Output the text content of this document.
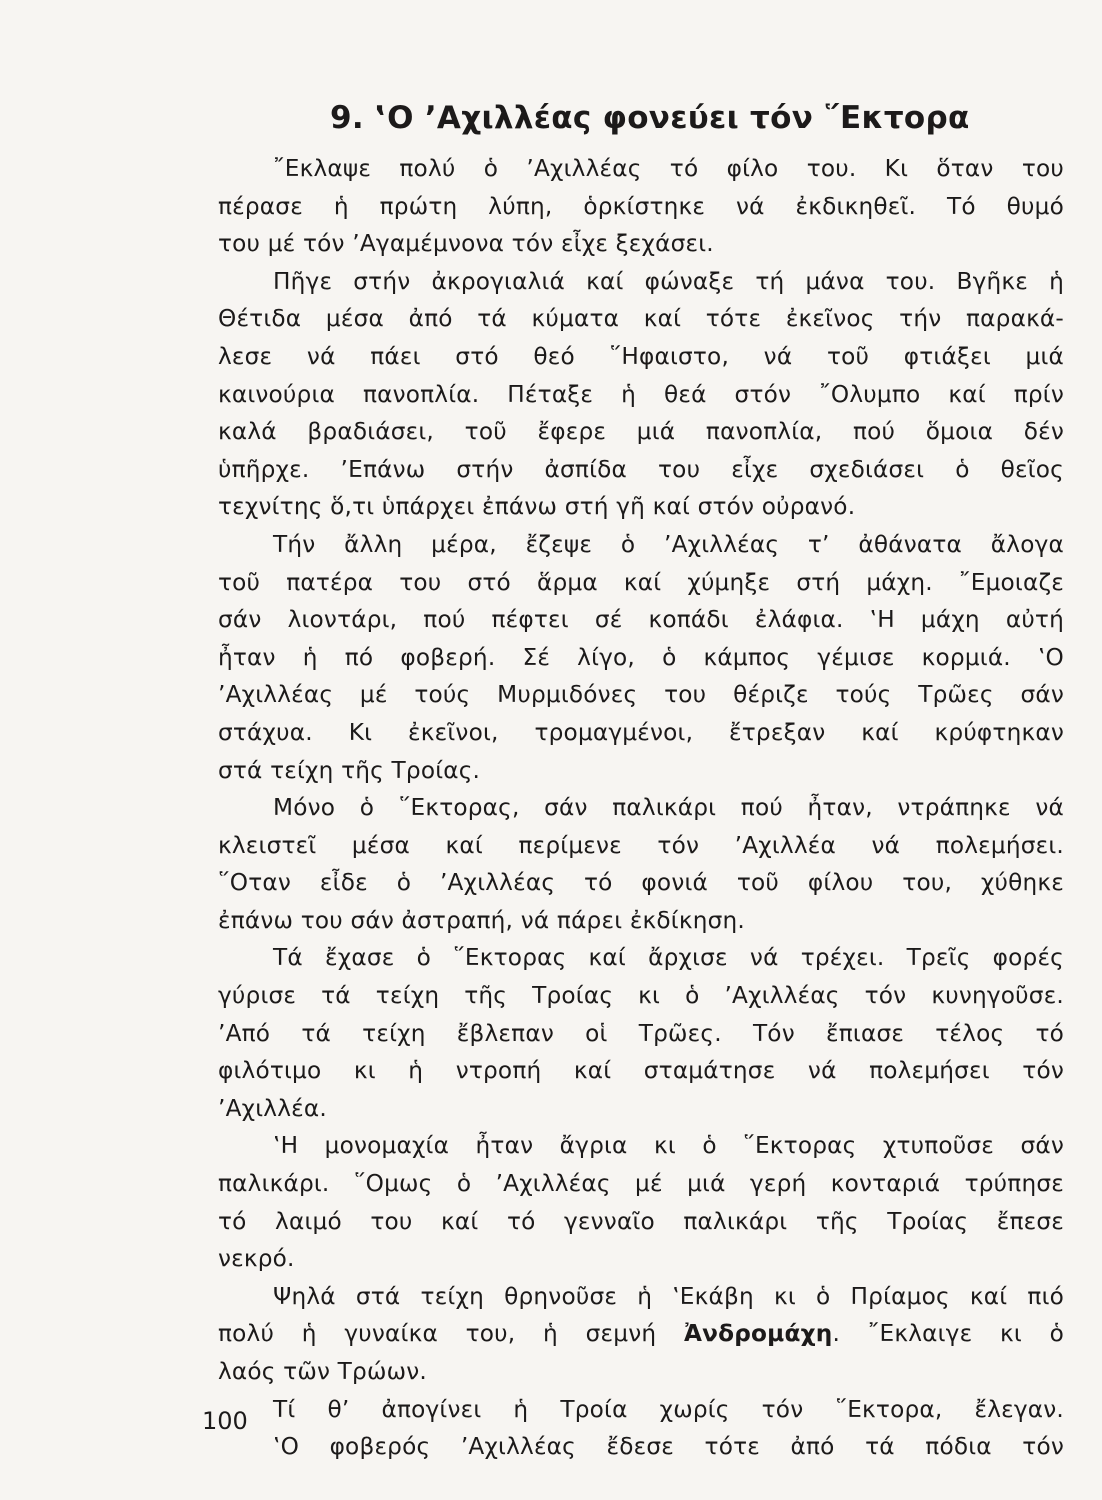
9. ‛Ο ’Αχιλλέας φονεύει τόν ῞Εκτορα
῎Εκλαψε πολύ ὁ ’Αχιλλέας τό φίλο του. Κι ὅταν του
πέρασε ἡ πρώτη λύπη, ὁρκίστηκε νά ἐκδικηθεῖ. Τό θυμό
του μέ τόν ’Αγαμέμνονα τόν εἶχε ξεχάσει.
Πῆγε στήν ἀκρογιαλιά καί φώναξε τή μάνα του. Βγῆκε ἡ
Θέτιδα μέσα ἀπό τά κύματα καί τότε ἐκεῖνος τήν παρακά-
λεσε νά πάει στό θεό ῞Ηφαιστο, νά τοῦ φτιάξει μιά
καινούρια πανοπλία. Πέταξε ἡ θεά στόν ῎Ολυμπο καί πρίν
καλά βραδιάσει, τοῦ ἔφερε μιά πανοπλία, πού ὅμοια δέν
ὑπῆρχε. ’Επάνω στήν ἀσπίδα του εἶχε σχεδιάσει ὁ θεῖος
τεχνίτης ὅ,τι ὑπάρχει ἐπάνω στή γῆ καί στόν οὐρανό.
Τήν ἄλλη μέρα, ἔζεψε ὁ ’Αχιλλέας τ’ ἀθάνατα ἄλογα
τοῦ πατέρα του στό ἅρμα καί χύμηξε στή μάχη. ῎Εμοιαζε
σάν λιοντάρι, πού πέφτει σέ κοπάδι ἐλάφια. ‛Η μάχη αὐτή
ἦταν ἡ πό φοβερή. Σέ λίγο, ὁ κάμπος γέμισε κορμιά. ‛Ο
’Αχιλλέας μέ τούς Μυρμιδόνες του θέριζε τούς Τρῶες σάν
στάχυα. Κι ἐκεῖνοι, τρομαγμένοι, ἔτρεξαν καί κρύφτηκαν
στά τείχη τῆς Τροίας.
Μόνο ὁ ῞Εκτορας, σάν παλικάρι πού ἦταν, ντράπηκε νά
κλειστεῖ μέσα καί περίμενε τόν ’Αχιλλέα νά πολεμήσει.
῞Οταν εἶδε ὁ ’Αχιλλέας τό φονιά τοῦ φίλου του, χύθηκε
ἐπάνω του σάν ἀστραπή, νά πάρει ἐκδίκηση.
Τά ἔχασε ὁ ῞Εκτορας καί ἄρχισε νά τρέχει. Τρεῖς φορές
γύρισε τά τείχη τῆς Τροίας κι ὁ ’Αχιλλέας τόν κυνηγοῦσε.
’Από τά τείχη ἔβλεπαν οἱ Τρῶες. Τόν ἔπιασε τέλος τό
φιλότιμο κι ἡ ντροπή καί σταμάτησε νά πολεμήσει τόν
’Αχιλλέα.
‛Η μονομαχία ἦταν ἄγρια κι ὁ ῞Εκτορας χτυποῦσε σάν
παλικάρι. ῞Ομως ὁ ’Αχιλλέας μέ μιά γερή κονταριά τρύπησε
τό λαιμό του καί τό γενναῖο παλικάρι τῆς Τροίας ἔπεσε
νεκρό.
Ψηλά στά τείχη θρηνοῦσε ἡ ‛Εκάβη κι ὁ Πρίαμος καί πιό
πολύ ἡ γυναίκα του, ἡ σεμνή Ἀνδρομάχη. ῎Εκλαιγε κι ὁ
λαός τῶν Τρώων.
Τί θ’ ἀπογίνει ἡ Τροία χωρίς τόν ῞Εκτορα, ἔλεγαν.
‛Ο φοβερός ’Αχιλλέας ἔδεσε τότε ἀπό τά πόδια τόν

100
